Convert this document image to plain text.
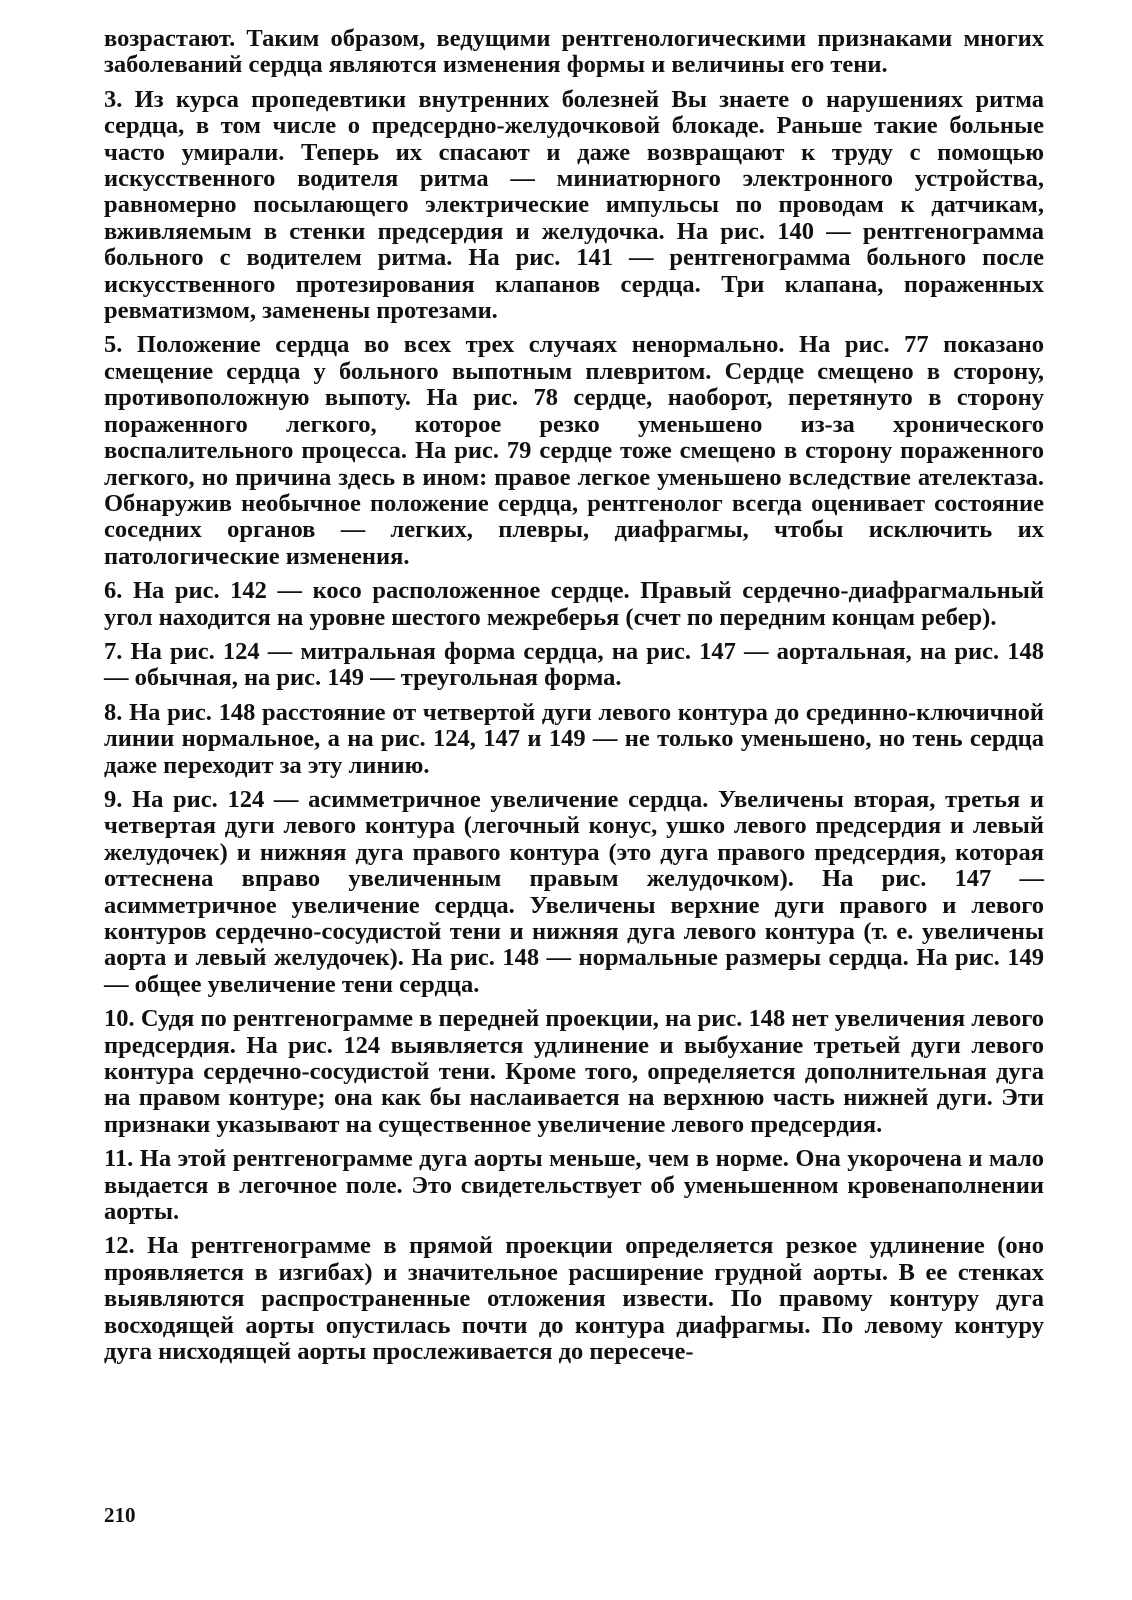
возрастают. Таким образом, ведущими рентгенологическими признаками многих заболеваний сердца являются изменения формы и величины его тени.

3. Из курса пропедевтики внутренних болезней Вы знаете о нарушениях ритма сердца, в том числе о предсердно-желудочковой блокаде. Раньше такие больные часто умирали. Теперь их спасают и даже возвращают к труду с помощью искусственного водителя ритма — миниатюрного электронного устройства, равномерно посылающего электрические импульсы по проводам к датчикам, вживляемым в стенки предсердия и желудочка. На рис. 140 — рентгенограмма больного с водителем ритма. На рис. 141 — рентгенограмма больного после искусственного протезирования клапанов сердца. Три клапана, пораженных ревматизмом, заменены протезами.

5. Положение сердца во всех трех случаях ненормально. На рис. 77 показано смещение сердца у больного выпотным плевритом. Сердце смещено в сторону, противоположную выпоту. На рис. 78 сердце, наоборот, перетянуто в сторону пораженного легкого, которое резко уменьшено из-за хронического воспалительного процесса. На рис. 79 сердце тоже смещено в сторону пораженного легкого, но причина здесь в ином: правое легкое уменьшено вследствие ателектаза. Обнаружив необычное положение сердца, рентгенолог всегда оценивает состояние соседних органов — легких, плевры, диафрагмы, чтобы исключить их патологические изменения.

6. На рис. 142 — косо расположенное сердце. Правый сердечно-диафрагмальный угол находится на уровне шестого межреберья (счет по передним концам ребер).

7. На рис. 124 — митральная форма сердца, на рис. 147 — аортальная, на рис. 148 — обычная, на рис. 149 — треугольная форма.

8. На рис. 148 расстояние от четвертой дуги левого контура до срединно-ключичной линии нормальное, а на рис. 124, 147 и 149 — не только уменьшено, но тень сердца даже переходит за эту линию.

9. На рис. 124 — асимметричное увеличение сердца. Увеличены вторая, третья и четвертая дуги левого контура (легочный конус, ушко левого предсердия и левый желудочек) и нижняя дуга правого контура (это дуга правого предсердия, которая оттеснена вправо увеличенным правым желудочком). На рис. 147 — асимметричное увеличение сердца. Увеличены верхние дуги правого и левого контуров сердечно-сосудистой тени и нижняя дуга левого контура (т. е. увеличены аорта и левый желудочек). На рис. 148 — нормальные размеры сердца. На рис. 149 — общее увеличение тени сердца.

10. Судя по рентгенограмме в передней проекции, на рис. 148 нет увеличения левого предсердия. На рис. 124 выявляется удлинение и выбухание третьей дуги левого контура сердечно-сосудистой тени. Кроме того, определяется дополнительная дуга на правом контуре; она как бы наслаивается на верхнюю часть нижней дуги. Эти признаки указывают на существенное увеличение левого предсердия.

11. На этой рентгенограмме дуга аорты меньше, чем в норме. Она укорочена и мало выдается в легочное поле. Это свидетельствует об уменьшенном кровенаполнении аорты.

12. На рентгенограмме в прямой проекции определяется резкое удлинение (оно проявляется в изгибах) и значительное расширение грудной аорты. В ее стенках выявляются распространенные отложения извести. По правому контуру дуга восходящей аорты опустилась почти до контура диафрагмы. По левому контуру дуга нисходящей аорты прослеживается до пересече-

210
